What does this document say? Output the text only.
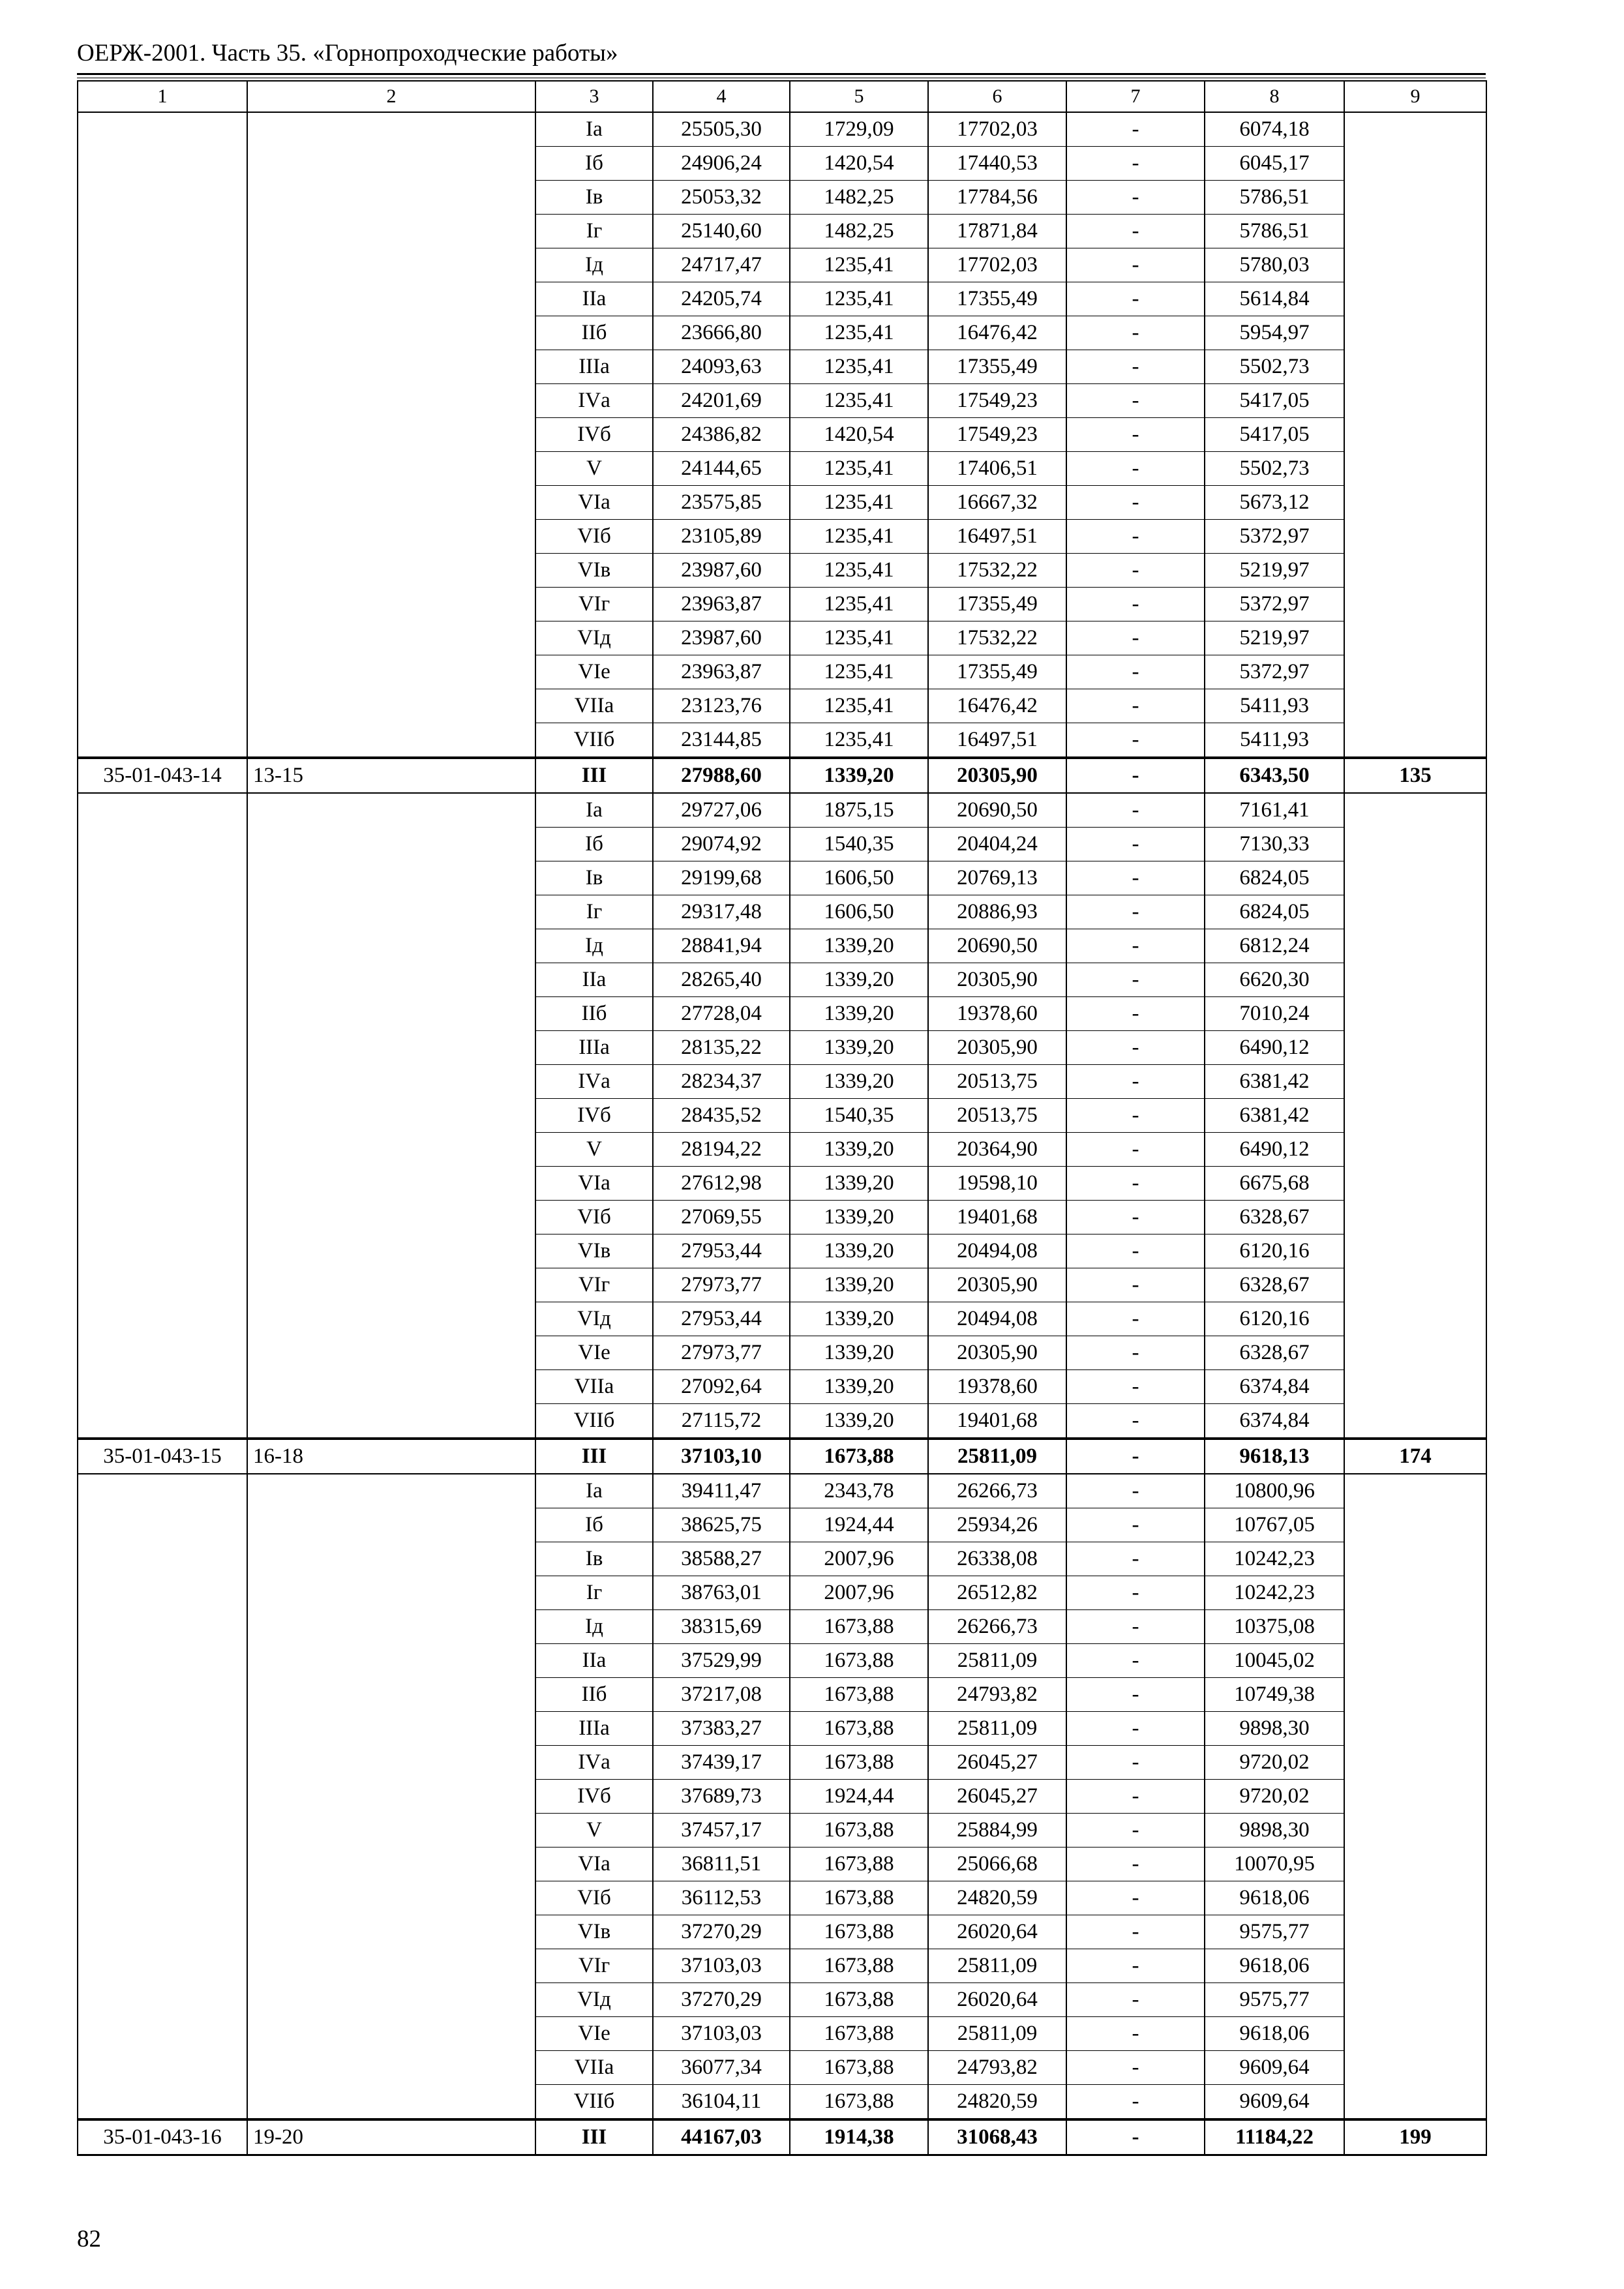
ОЕРЖ-2001. Часть 35. «Горнопроходческие работы»
1	2	3	4	5	6	7	8	9
		Iа	25505,30	1729,09	17702,03	-	6074,18	
		Iб	24906,24	1420,54	17440,53	-	6045,17	
		Iв	25053,32	1482,25	17784,56	-	5786,51	
		Iг	25140,60	1482,25	17871,84	-	5786,51	
		Iд	24717,47	1235,41	17702,03	-	5780,03	
		IIа	24205,74	1235,41	17355,49	-	5614,84	
		IIб	23666,80	1235,41	16476,42	-	5954,97	
		IIIа	24093,63	1235,41	17355,49	-	5502,73	
		IVа	24201,69	1235,41	17549,23	-	5417,05	
		IVб	24386,82	1420,54	17549,23	-	5417,05	
		V	24144,65	1235,41	17406,51	-	5502,73	
		VIа	23575,85	1235,41	16667,32	-	5673,12	
		VIб	23105,89	1235,41	16497,51	-	5372,97	
		VIв	23987,60	1235,41	17532,22	-	5219,97	
		VIг	23963,87	1235,41	17355,49	-	5372,97	
		VIд	23987,60	1235,41	17532,22	-	5219,97	
		VIе	23963,87	1235,41	17355,49	-	5372,97	
		VIIа	23123,76	1235,41	16476,42	-	5411,93	
		VIIб	23144,85	1235,41	16497,51	-	5411,93	
35-01-043-14	13-15	III	27988,60	1339,20	20305,90	-	6343,50	135
		Iа	29727,06	1875,15	20690,50	-	7161,41	
		Iб	29074,92	1540,35	20404,24	-	7130,33	
		Iв	29199,68	1606,50	20769,13	-	6824,05	
		Iг	29317,48	1606,50	20886,93	-	6824,05	
		Iд	28841,94	1339,20	20690,50	-	6812,24	
		IIа	28265,40	1339,20	20305,90	-	6620,30	
		IIб	27728,04	1339,20	19378,60	-	7010,24	
		IIIа	28135,22	1339,20	20305,90	-	6490,12	
		IVа	28234,37	1339,20	20513,75	-	6381,42	
		IVб	28435,52	1540,35	20513,75	-	6381,42	
		V	28194,22	1339,20	20364,90	-	6490,12	
		VIа	27612,98	1339,20	19598,10	-	6675,68	
		VIб	27069,55	1339,20	19401,68	-	6328,67	
		VIв	27953,44	1339,20	20494,08	-	6120,16	
		VIг	27973,77	1339,20	20305,90	-	6328,67	
		VIд	27953,44	1339,20	20494,08	-	6120,16	
		VIе	27973,77	1339,20	20305,90	-	6328,67	
		VIIа	27092,64	1339,20	19378,60	-	6374,84	
		VIIб	27115,72	1339,20	19401,68	-	6374,84	
35-01-043-15	16-18	III	37103,10	1673,88	25811,09	-	9618,13	174
		Iа	39411,47	2343,78	26266,73	-	10800,96	
		Iб	38625,75	1924,44	25934,26	-	10767,05	
		Iв	38588,27	2007,96	26338,08	-	10242,23	
		Iг	38763,01	2007,96	26512,82	-	10242,23	
		Iд	38315,69	1673,88	26266,73	-	10375,08	
		IIа	37529,99	1673,88	25811,09	-	10045,02	
		IIб	37217,08	1673,88	24793,82	-	10749,38	
		IIIа	37383,27	1673,88	25811,09	-	9898,30	
		IVа	37439,17	1673,88	26045,27	-	9720,02	
		IVб	37689,73	1924,44	26045,27	-	9720,02	
		V	37457,17	1673,88	25884,99	-	9898,30	
		VIа	36811,51	1673,88	25066,68	-	10070,95	
		VIб	36112,53	1673,88	24820,59	-	9618,06	
		VIв	37270,29	1673,88	26020,64	-	9575,77	
		VIг	37103,03	1673,88	25811,09	-	9618,06	
		VIд	37270,29	1673,88	26020,64	-	9575,77	
		VIе	37103,03	1673,88	25811,09	-	9618,06	
		VIIа	36077,34	1673,88	24793,82	-	9609,64	
		VIIб	36104,11	1673,88	24820,59	-	9609,64	
35-01-043-16	19-20	III	44167,03	1914,38	31068,43	-	11184,22	199
82
